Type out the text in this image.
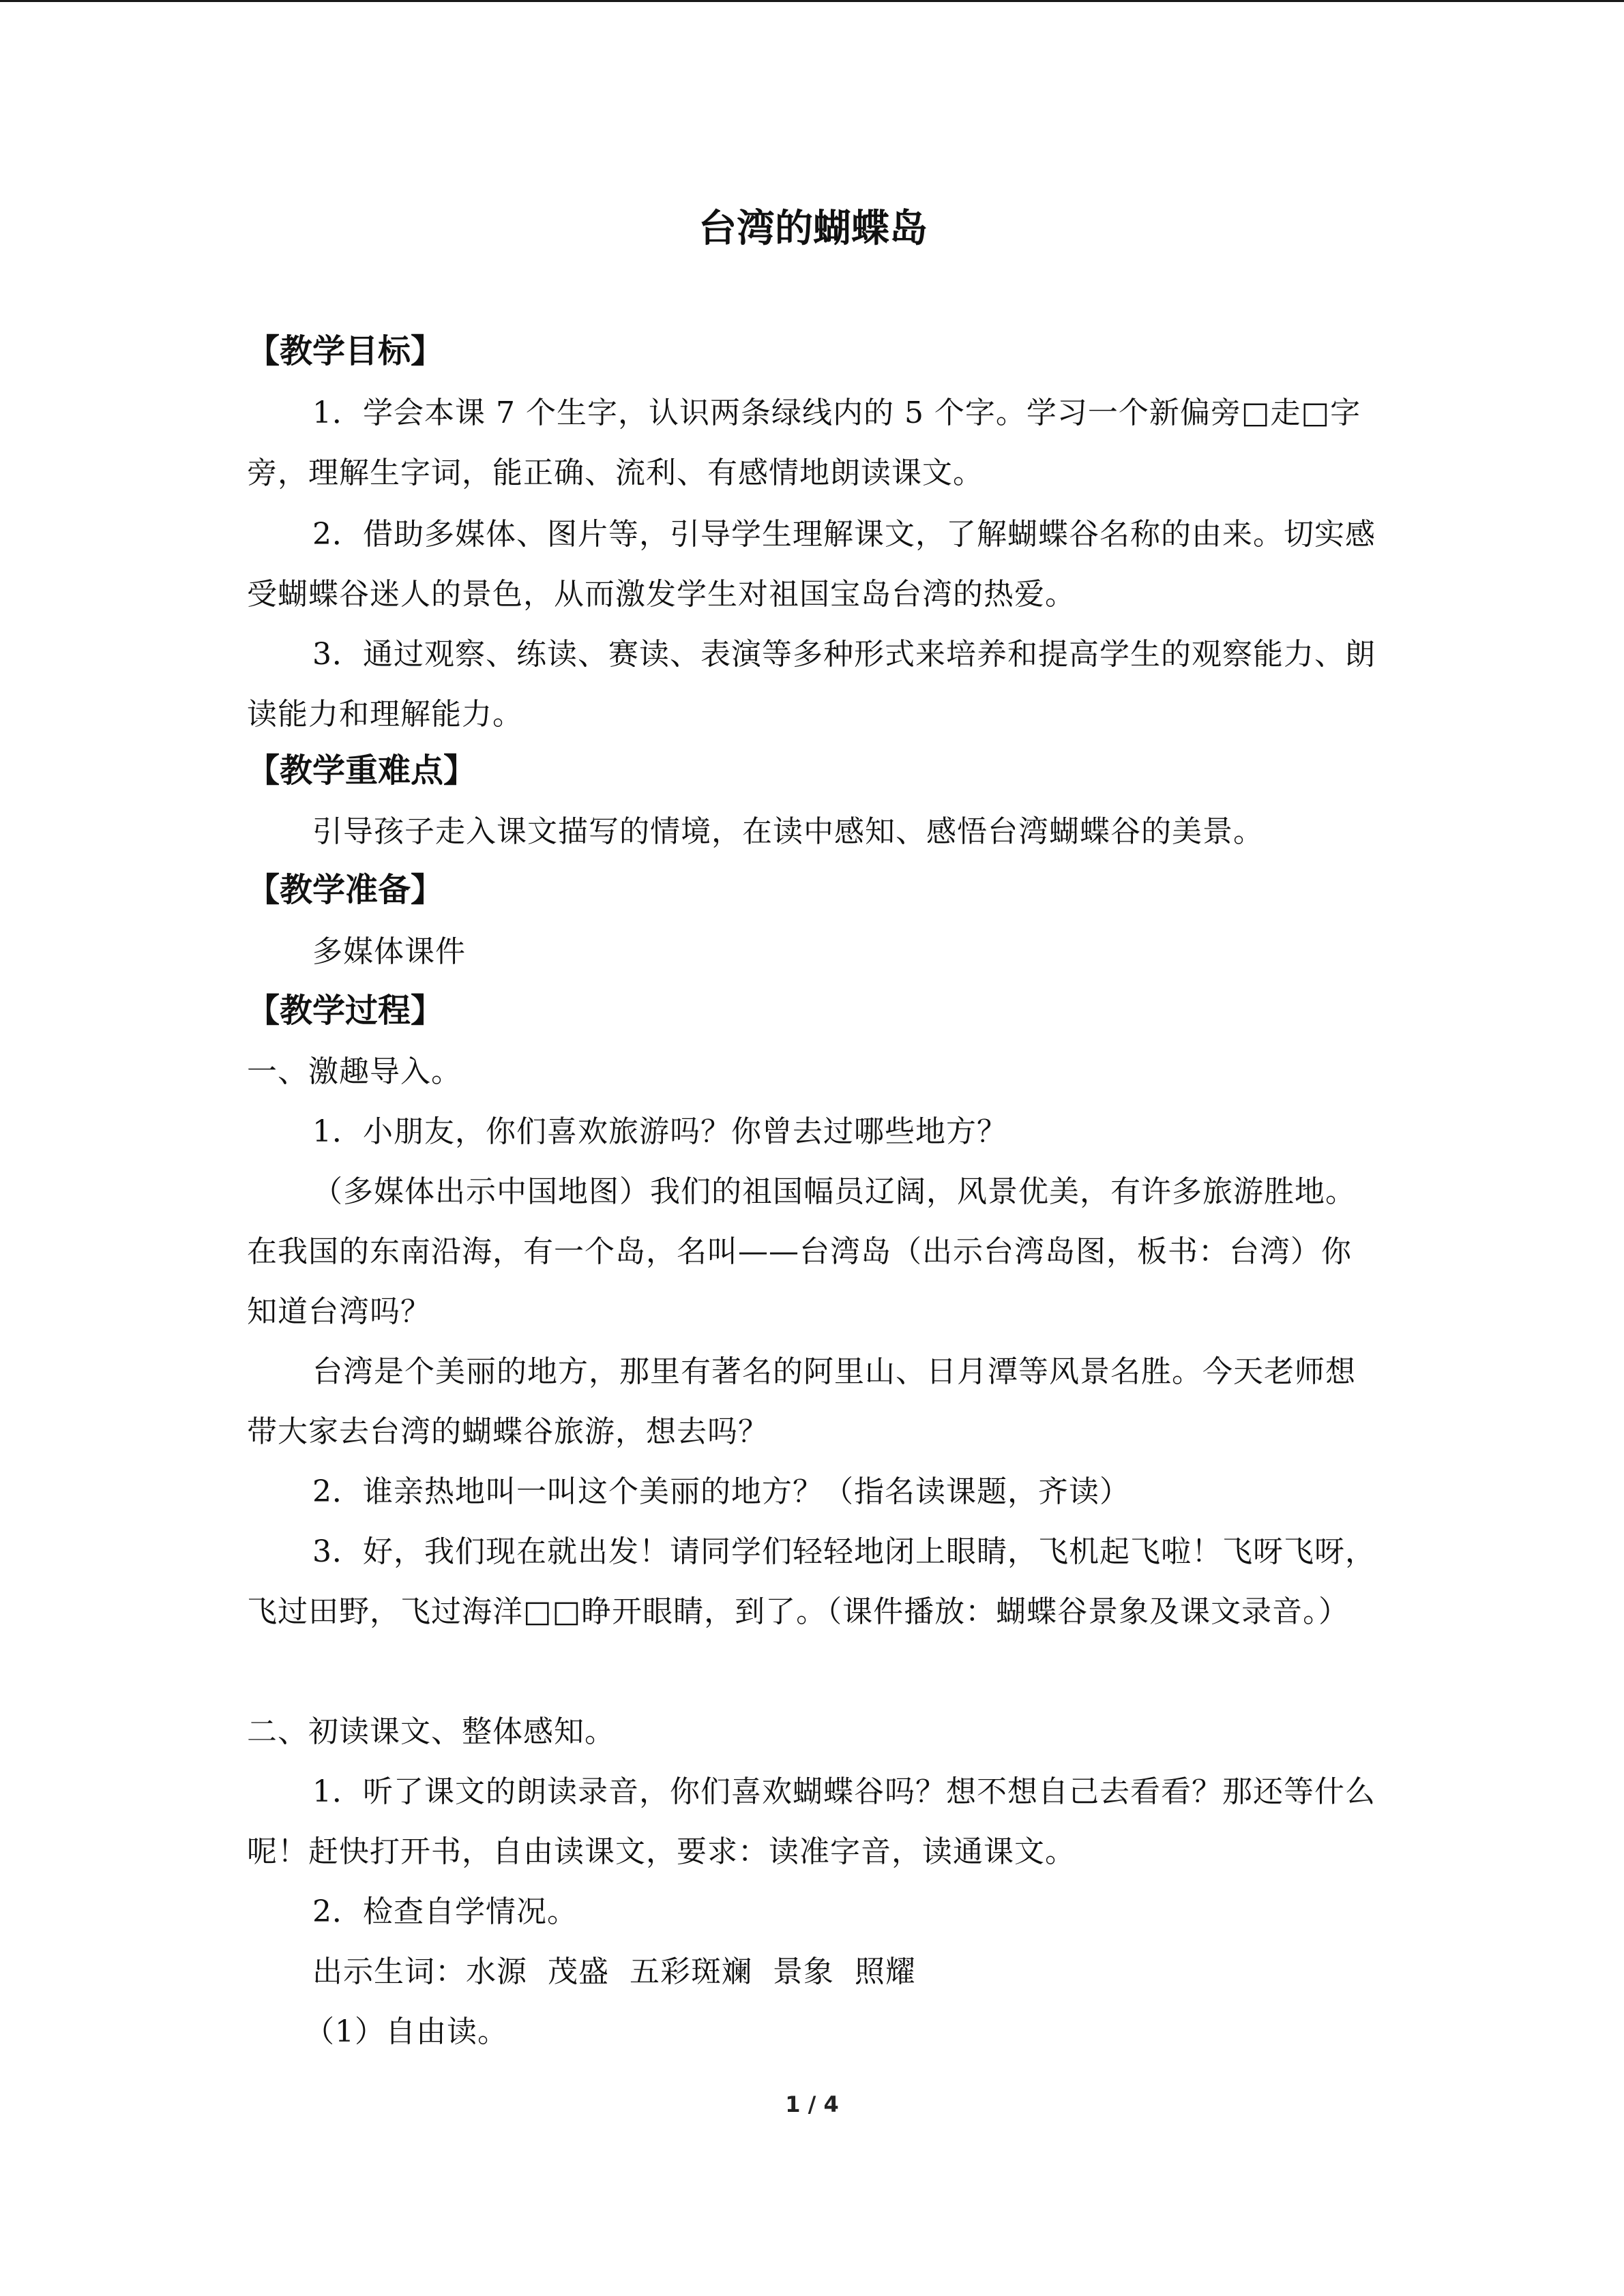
台湾的蝴蝶岛
【教学目标】
1．学会本课 7 个生字，认识两条绿线内的 5 个字。学习一个新偏旁□走□字旁，理解生字词，能正确、流利、有感情地朗读课文。
2．借助多媒体、图片等，引导学生理解课文，了解蝴蝶谷名称的由来。切实感受蝴蝶谷迷人的景色，从而激发学生对祖国宝岛台湾的热爱。
3．通过观察、练读、赛读、表演等多种形式来培养和提高学生的观察能力、朗读能力和理解能力。
【教学重难点】
引导孩子走入课文描写的情境，在读中感知、感悟台湾蝴蝶谷的美景。
【教学准备】
多媒体课件
【教学过程】
一、激趣导入。
1．小朋友，你们喜欢旅游吗？你曾去过哪些地方？
（多媒体出示中国地图）我们的祖国幅员辽阔，风景优美，有许多旅游胜地。在我国的东南沿海，有一个岛，名叫——台湾岛（出示台湾岛图，板书：台湾）你知道台湾吗？
台湾是个美丽的地方，那里有著名的阿里山、日月潭等风景名胜。今天老师想带大家去台湾的蝴蝶谷旅游，想去吗？
2．谁亲热地叫一叫这个美丽的地方？（指名读课题，齐读）
3．好，我们现在就出发！请同学们轻轻地闭上眼睛，飞机起飞啦！飞呀飞呀，飞过田野，飞过海洋□□睁开眼睛，到了。（课件播放：蝴蝶谷景象及课文录音。）
二、初读课文、整体感知。
1．听了课文的朗读录音，你们喜欢蝴蝶谷吗？想不想自己去看看？那还等什么呢！赶快打开书，自由读课文，要求：读准字音，读通课文。
2．检查自学情况。
出示生词：水源  茂盛  五彩斑斓  景象  照耀
（1）自由读。
1 / 4
